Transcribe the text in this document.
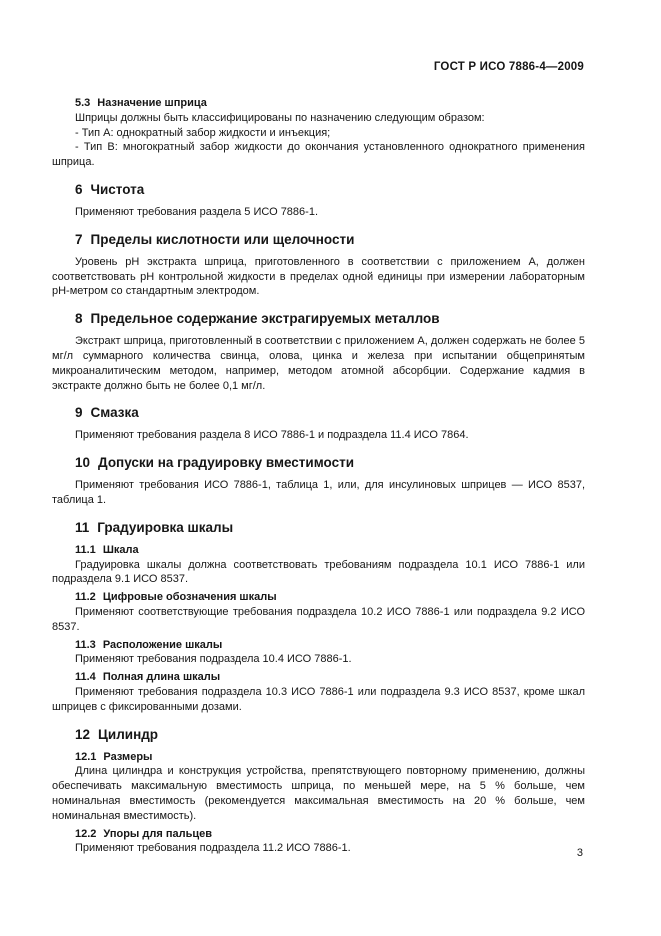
ГОСТ Р ИСО 7886-4—2009
5.3 Назначение шприца
Шприцы должны быть классифицированы по назначению следующим образом:
- Тип А: однократный забор жидкости и инъекция;
- Тип В: многократный забор жидкости до окончания установленного однократного применения шприца.
6 Чистота
Применяют требования раздела 5 ИСО 7886-1.
7 Пределы кислотности или щелочности
Уровень pH экстракта шприца, приготовленного в соответствии с приложением А, должен соответствовать pH контрольной жидкости в пределах одной единицы при измерении лабораторным pH-метром со стандартным электродом.
8 Предельное содержание экстрагируемых металлов
Экстракт шприца, приготовленный в соответствии с приложением А, должен содержать не более 5 мг/л суммарного количества свинца, олова, цинка и железа при испытании общепринятым микроаналитическим методом, например, методом атомной абсорбции. Содержание кадмия в экстракте должно быть не более 0,1 мг/л.
9 Смазка
Применяют требования раздела 8 ИСО 7886-1 и подраздела 11.4 ИСО 7864.
10 Допуски на градуировку вместимости
Применяют требования ИСО 7886-1, таблица 1, или, для инсулиновых шприцев — ИСО 8537, таблица 1.
11 Градуировка шкалы
11.1 Шкала
Градуировка шкалы должна соответствовать требованиям подраздела 10.1 ИСО 7886-1 или подраздела 9.1 ИСО 8537.
11.2 Цифровые обозначения шкалы
Применяют соответствующие требования подраздела 10.2 ИСО 7886-1 или подраздела 9.2 ИСО 8537.
11.3 Расположение шкалы
Применяют требования подраздела 10.4 ИСО 7886-1.
11.4 Полная длина шкалы
Применяют требования подраздела 10.3 ИСО 7886-1 или подраздела 9.3 ИСО 8537, кроме шкал шприцев с фиксированными дозами.
12 Цилиндр
12.1 Размеры
Длина цилиндра и конструкция устройства, препятствующего повторному применению, должны обеспечивать максимальную вместимость шприца, по меньшей мере, на 5 % больше, чем номинальная вместимость (рекомендуется максимальная вместимость на 20 % больше, чем номинальная вместимость).
12.2 Упоры для пальцев
Применяют требования подраздела 11.2 ИСО 7886-1.	3
